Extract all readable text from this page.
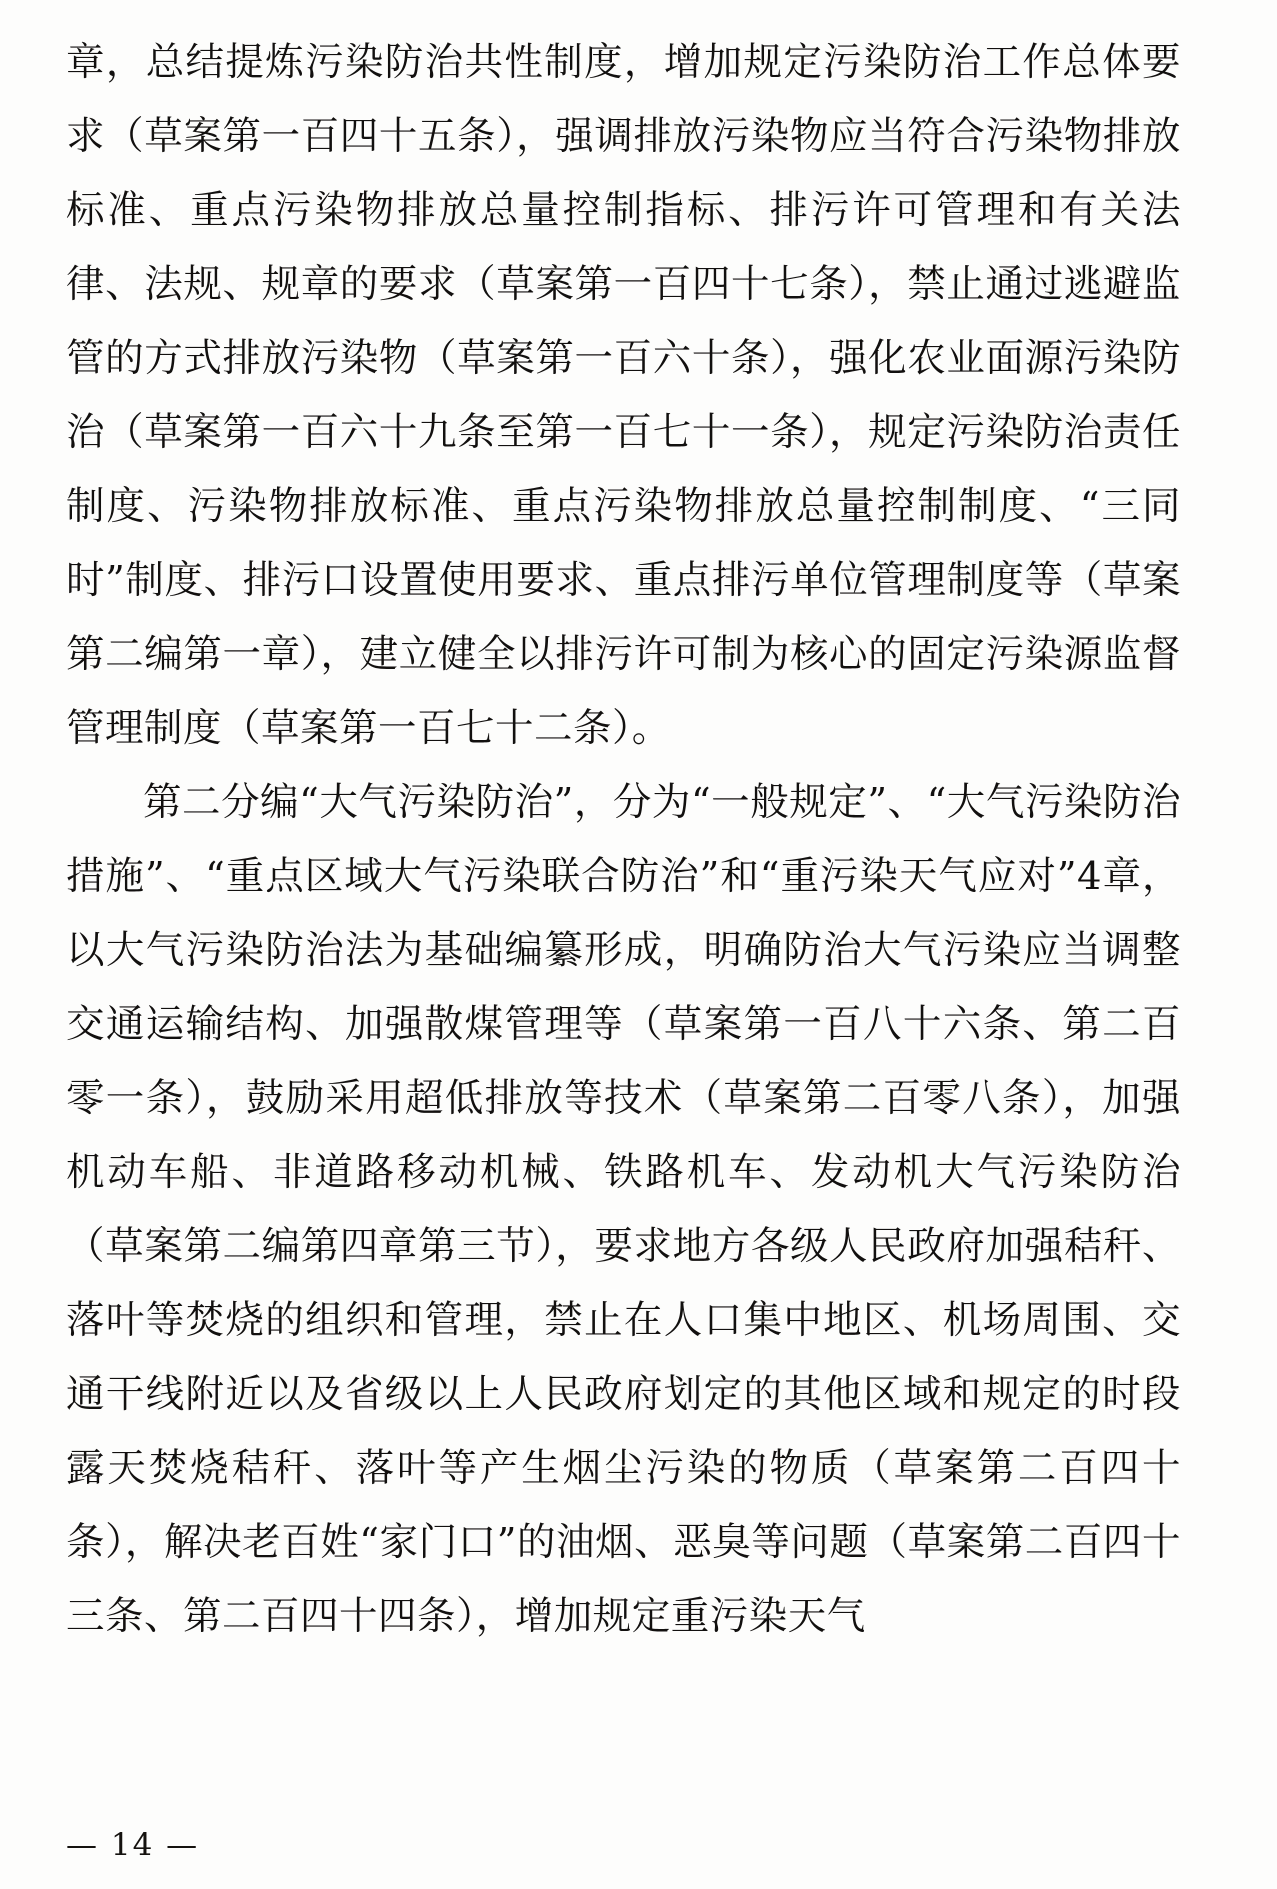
章，总结提炼污染防治共性制度，增加规定污染防治工作总体要求（草案第一百四十五条），强调排放污染物应当符合污染物排放标准、重点污染物排放总量控制指标、排污许可管理和有关法律、法规、规章的要求（草案第一百四十七条），禁止通过逃避监管的方式排放污染物（草案第一百六十条），强化农业面源污染防治（草案第一百六十九条至第一百七十一条），规定污染防治责任制度、污染物排放标准、重点污染物排放总量控制制度、“三同时”制度、排污口设置使用要求、重点排污单位管理制度等（草案第二编第一章），建立健全以排污许可制为核心的固定污染源监督管理制度（草案第一百七十二条）。

第二分编“大气污染防治”，分为“一般规定”、“大气污染防治措施”、“重点区域大气污染联合防治”和“重污染天气应对”4章，以大气污染防治法为基础编纂形成，明确防治大气污染应当调整交通运输结构、加强散煤管理等（草案第一百八十六条、第二百零一条），鼓励采用超低排放等技术（草案第二百零八条），加强机动车船、非道路移动机械、铁路机车、发动机大气污染防治（草案第二编第四章第三节），要求地方各级人民政府加强秸秆、落叶等焚烧的组织和管理，禁止在人口集中地区、机场周围、交通干线附近以及省级以上人民政府划定的其他区域和规定的时段露天焚烧秸秆、落叶等产生烟尘污染的物质（草案第二百四十条），解决老百姓“家门口”的油烟、恶臭等问题（草案第二百四十三条、第二百四十四条），增加规定重污染天气

— 14 —
